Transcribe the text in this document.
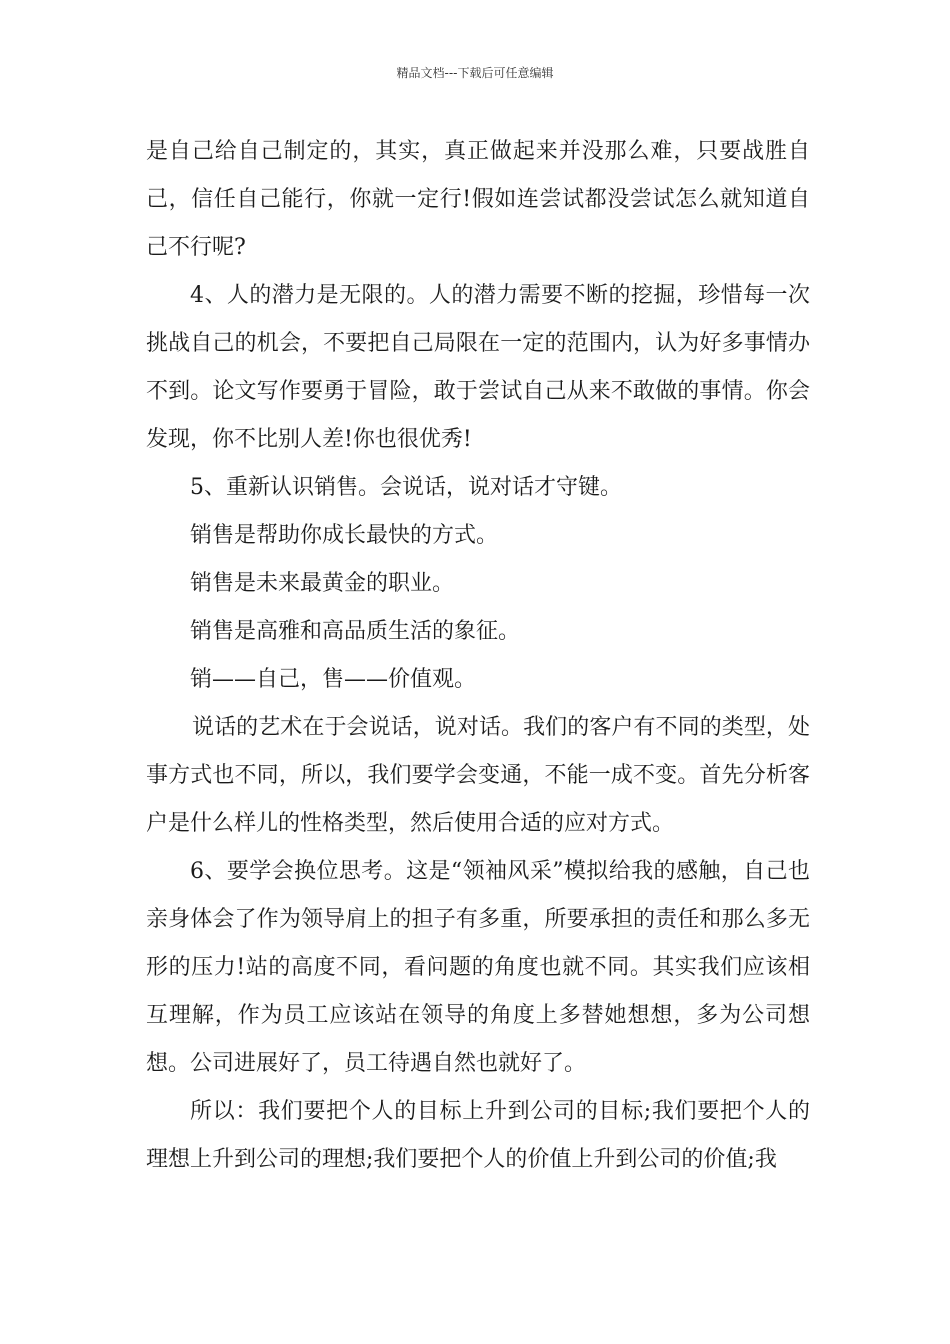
精品文档---下载后可任意编辑

是自己给自己制定的，其实，真正做起来并没那么难，只要战胜自己，信任自己能行，你就一定行!假如连尝试都没尝试怎么就知道自己不行呢?

4、人的潜力是无限的。人的潜力需要不断的挖掘，珍惜每一次挑战自己的机会，不要把自己局限在一定的范围内，认为好多事情办不到。论文写作要勇于冒险，敢于尝试自己从来不敢做的事情。你会发现，你不比别人差!你也很优秀!

5、重新认识销售。会说话，说对话才守键。

销售是帮助你成长最快的方式。

销售是未来最黄金的职业。

销售是高雅和高品质生活的象征。

销——自己，售——价值观。

说话的艺术在于会说话，说对话。我们的客户有不同的类型，处事方式也不同，所以，我们要学会变通，不能一成不变。首先分析客户是什么样儿的性格类型，然后使用合适的应对方式。

6、要学会换位思考。这是“领袖风采”模拟给我的感触，自己也亲身体会了作为领导肩上的担子有多重，所要承担的责任和那么多无形的压力!站的高度不同，看问题的角度也就不同。其实我们应该相互理解，作为员工应该站在领导的角度上多替她想想，多为公司想想。公司进展好了，员工待遇自然也就好了。

所以：我们要把个人的目标上升到公司的目标;我们要把个人的理想上升到公司的理想;我们要把个人的价值上升到公司的价值;我
